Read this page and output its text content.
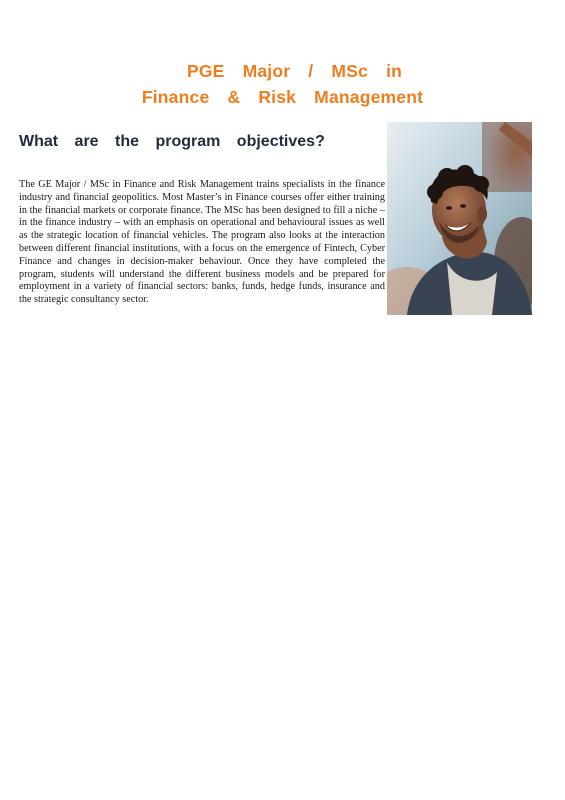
PGE Major / MSc in
Finance & Risk Management
What are the program objectives?

The GE Major / MSc in Finance and Risk Management trains specialists in the finance industry and financial geopolitics. Most Master’s in Finance courses offer either training in the financial markets or corporate finance. The MSc has been designed to fill a niche – in the finance industry – with an emphasis on operational and behavioural issues as well as the strategic location of financial vehicles. The program also looks at the interaction between different financial institutions, with a focus on the emergence of Fintech, Cyber Finance and changes in decision-maker behaviour. Once they have completed the program, students will understand the different business models and be prepared for employment in a variety of financial sectors: banks, funds, hedge funds, insurance and the strategic consultancy sector.
